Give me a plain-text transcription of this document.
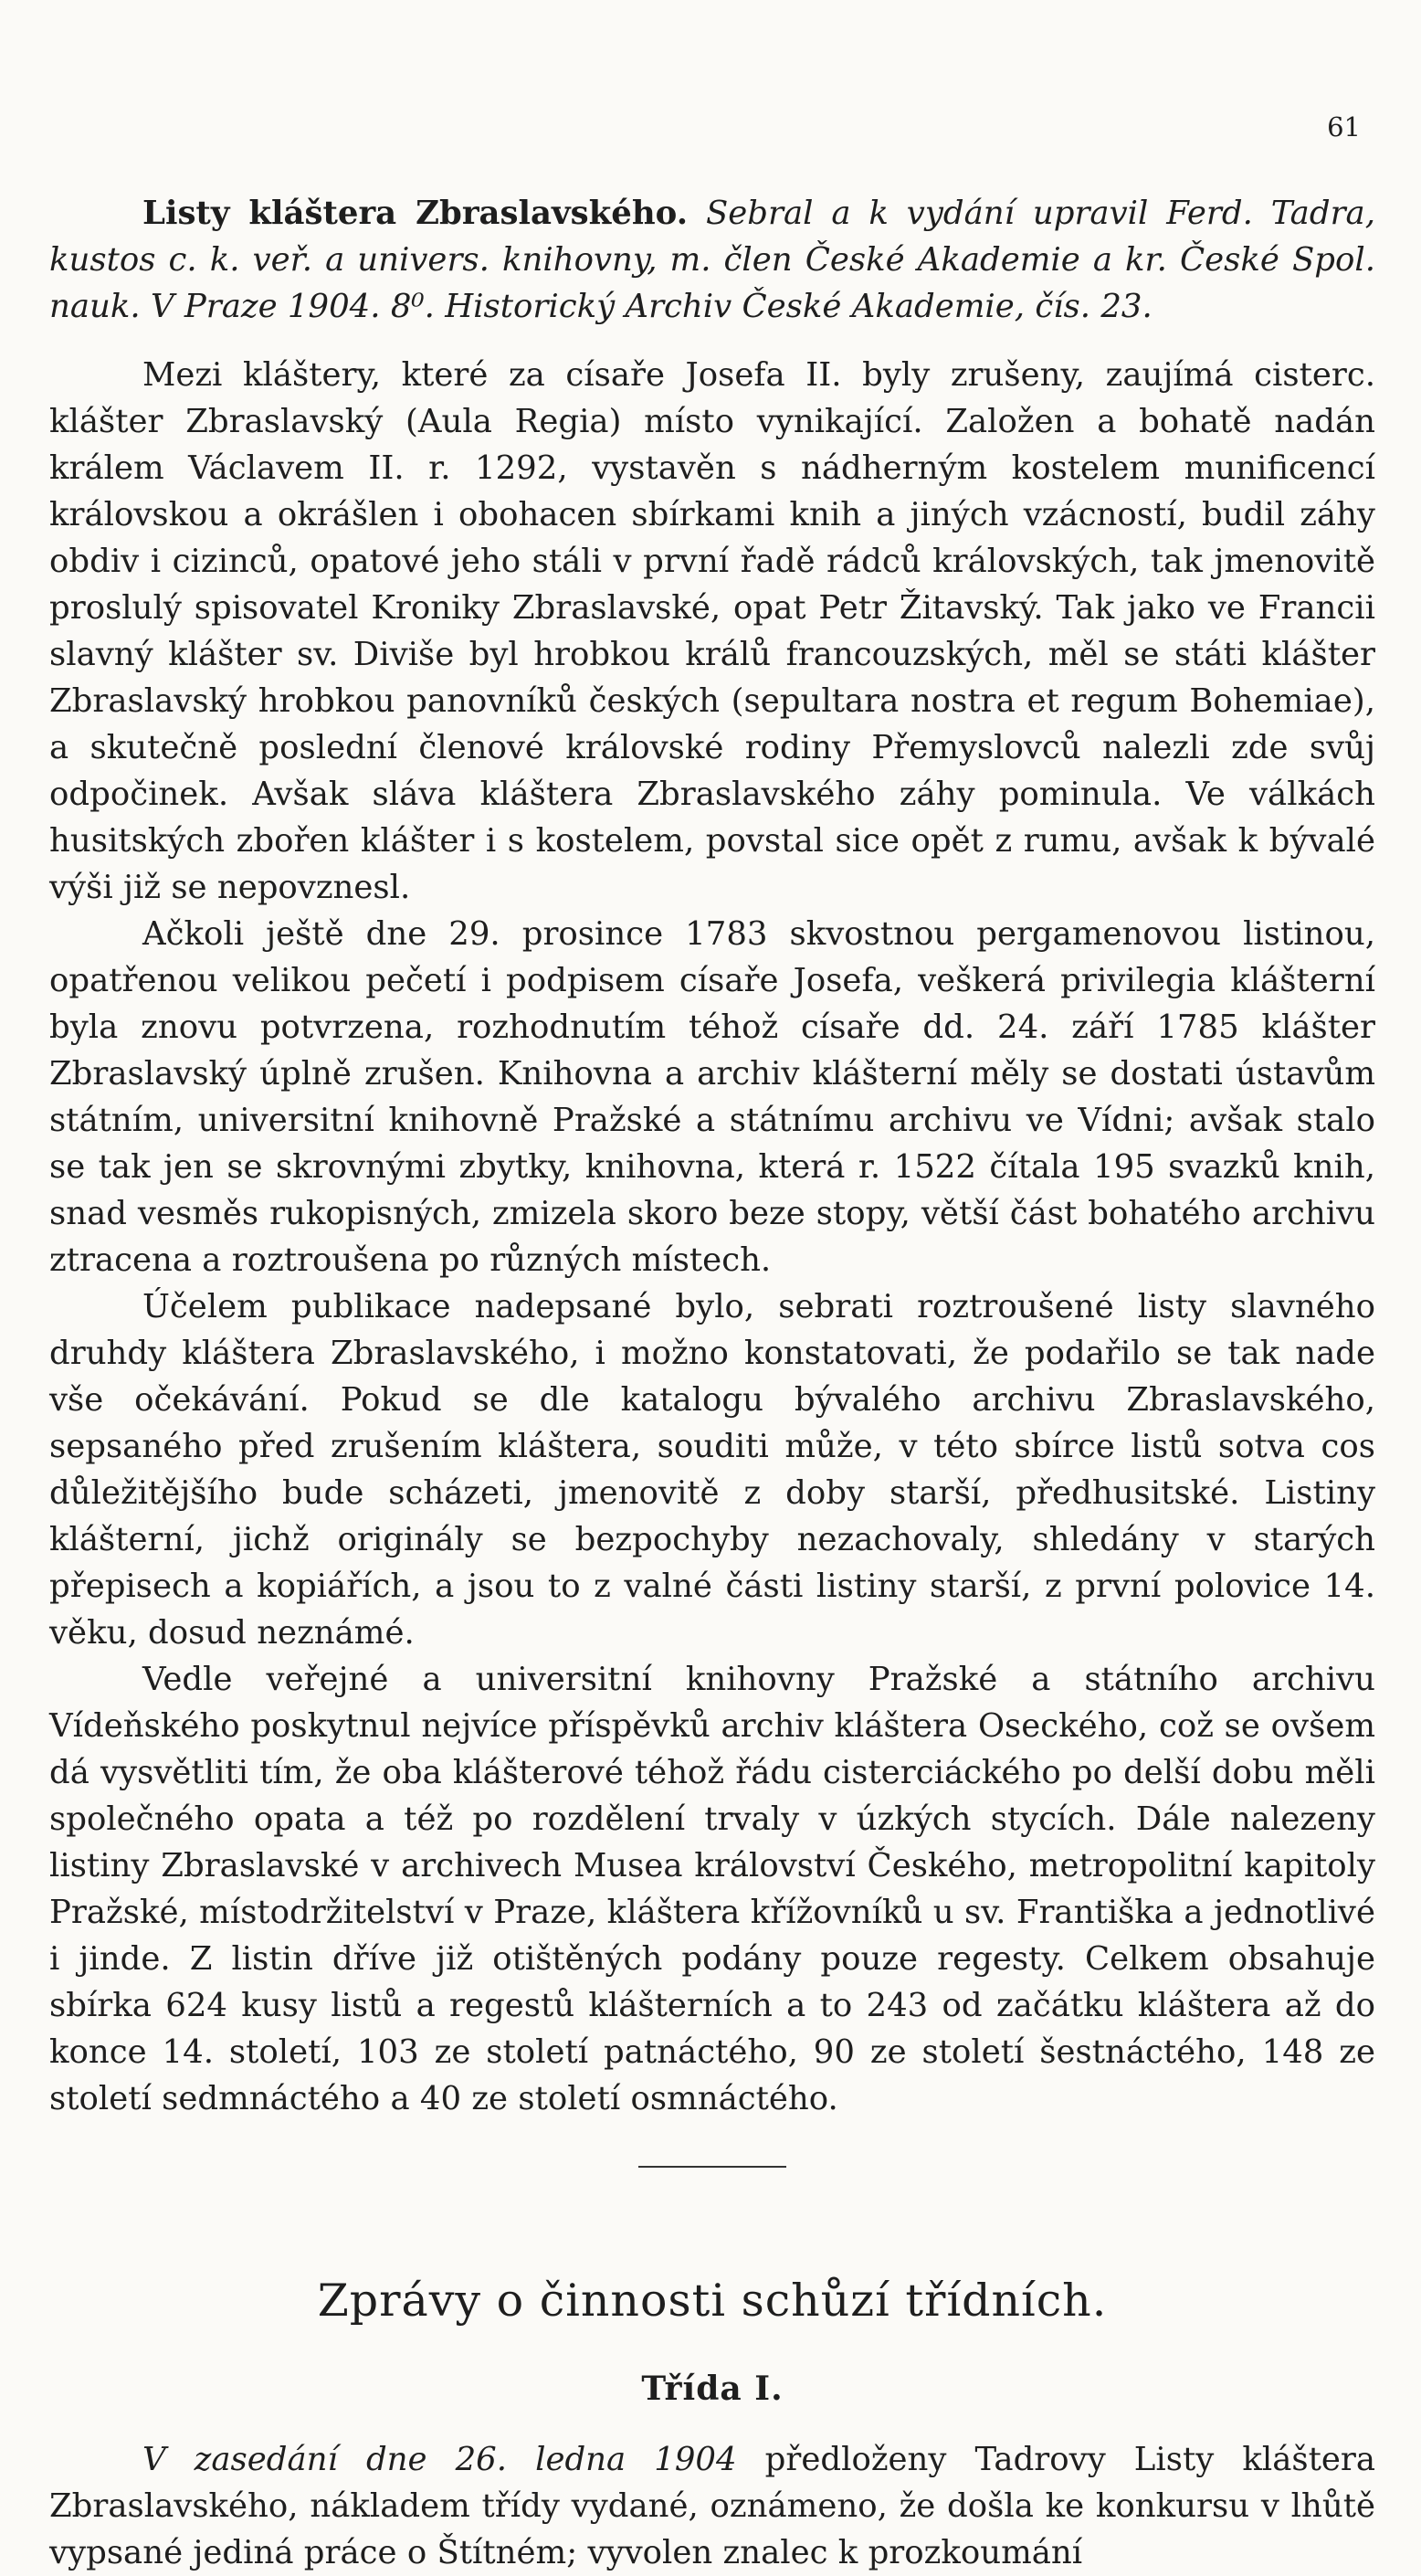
61

Listy kláštera Zbraslavského. Sebral a k vydání upravil Ferd. Tadra, kustos c. k. veř. a univers. knihovny, m. člen České Akademie a kr. České Spol. nauk. V Praze 1904. 8⁰. Historický Archiv České Akademie, čís. 23.

Mezi kláštery, které za císaře Josefa II. byly zrušeny, zaujímá cisterc. klášter Zbraslavský (Aula Regia) místo vynikající. Založen a bohatě nadán králem Václavem II. r. 1292, vystavěn s nádherným kostelem munificencí královskou a okrášlen i obohacen sbírkami knih a jiných vzácností, budil záhy obdiv i cizinců, opatové jeho stáli v první řadě rádců královských, tak jmenovitě proslulý spisovatel Kroniky Zbraslavské, opat Petr Žitavský. Tak jako ve Francii slavný klášter sv. Diviše byl hrobkou králů francouzských, měl se státi klášter Zbraslavský hrobkou panovníků českých (sepultara nostra et regum Bohemiae), a skutečně poslední členové královské rodiny Přemyslovců nalezli zde svůj odpočinek. Avšak sláva kláštera Zbraslavského záhy pominula. Ve válkách husitských zbořen klášter i s kostelem, povstal sice opět z rumu, avšak k bývalé výši již se nepovznesl.

Ačkoli ještě dne 29. prosince 1783 skvostnou pergamenovou listinou, opatřenou velikou pečetí i podpisem císaře Josefa, veškerá privilegia klášterní byla znovu potvrzena, rozhodnutím téhož císaře dd. 24. září 1785 klášter Zbraslavský úplně zrušen. Knihovna a archiv klášterní měly se dostati ústavům státním, universitní knihovně Pražské a státnímu archivu ve Vídni; avšak stalo se tak jen se skrovnými zbytky, knihovna, která r. 1522 čítala 195 svazků knih, snad vesměs rukopisných, zmizela skoro beze stopy, větší část bohatého archivu ztracena a roztroušena po různých místech.

Účelem publikace nadepsané bylo, sebrati roztroušené listy slavného druhdy kláštera Zbraslavského, i možno konstatovati, že podařilo se tak nade vše očekávání. Pokud se dle katalogu bývalého archivu Zbraslavského, sepsaného před zrušením kláštera, souditi může, v této sbírce listů sotva cos důležitějšího bude scházeti, jmenovitě z doby starší, předhusitské. Listiny klášterní, jichž originály se bezpochyby nezachovaly, shledány v starých přepisech a kopiářích, a jsou to z valné části listiny starší, z první polovice 14. věku, dosud neznámé.

Vedle veřejné a universitní knihovny Pražské a státního archivu Vídeňského poskytnul nejvíce příspěvků archiv kláštera Oseckého, což se ovšem dá vysvětliti tím, že oba klášterové téhož řádu cisterciáckého po delší dobu měli společného opata a též po rozdělení trvaly v úzkých stycích. Dále nalezeny listiny Zbraslavské v archivech Musea království Českého, metropolitní kapitoly Pražské, místodržitelství v Praze, kláštera křížovníků u sv. Františka a jednotlivé i jinde. Z listin dříve již otištěných podány pouze regesty. Celkem obsahuje sbírka 624 kusy listů a regestů klášterních a to 243 od začátku kláštera až do konce 14. století, 103 ze století patnáctého, 90 ze století šestnáctého, 148 ze století sedmnáctého a 40 ze století osmnáctého.

Zprávy o činnosti schůzí třídních.
Třída I.

V zasedání dne 26. ledna 1904 předloženy Tadrovy Listy kláštera Zbraslavského, nákladem třídy vydané, oznámeno, že došla ke konkursu v lhůtě vypsané jediná práce o Štítném; vyvolen znalec k prozkoumání
